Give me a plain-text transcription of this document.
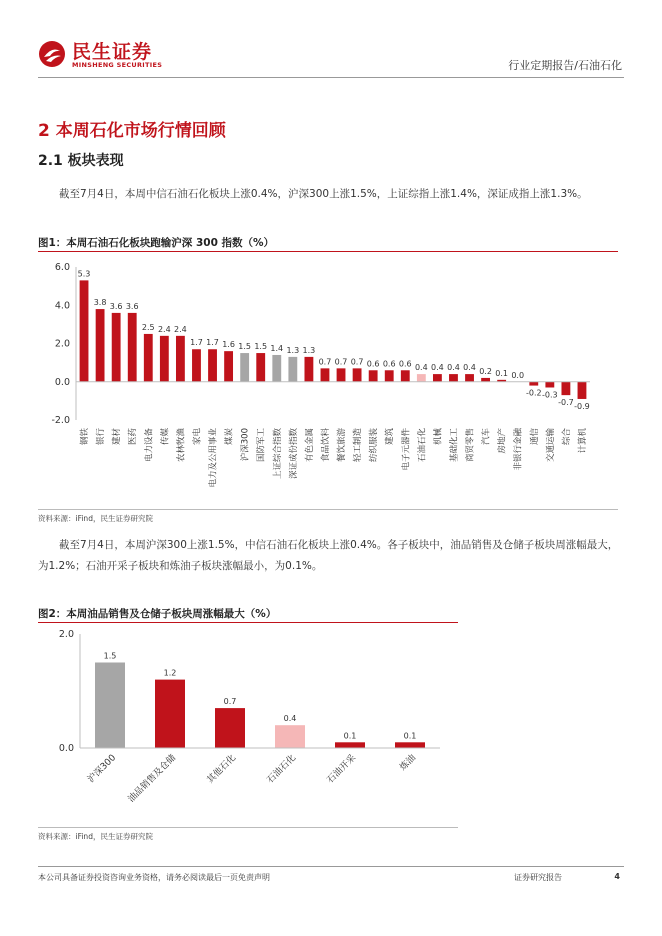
民生证券
MINSHENG SECURITIES	行业定期报告/石油石化
2 本周石化市场行情回顾
2.1 板块表现

截至7月4日，本周中信石油石化板块上涨0.4%，沪深300上涨1.5%，上证综指上涨1.4%，深证成指上涨1.3%。

图1：本周石油石化板块跑输沪深 300 指数（%）
6.0
4.0
2.0
0.0
-2.0
5.3
钢铁
3.8
银行
3.6
建材
3.6
医药
2.5
电力设备
2.4
传媒
2.4
农林牧渔
1.7
家电
1.7
电力及公用事业
1.6
煤炭
1.5
沪深300
1.5
国防军工
1.4
上证综合指数
1.3
深证成份指数
1.3
有色金属
0.7
食品饮料
0.7
餐饮旅游
0.7
轻工制造
0.6
纺织服装
0.6
建筑
0.6
电子元器件
0.4
石油石化
0.4
机械
0.4
基础化工
0.4
商贸零售
0.2
汽车
0.1
房地产
0.0
非银行金融
-0.2
通信
-0.3
交通运输
-0.7
综合
-0.9
计算机
资料来源：iFind，民生证券研究院

截至7月4日，本周沪深300上涨1.5%，中信石油石化板块上涨0.4%。各子板块中，油品销售及仓储子板块周涨幅最大，为1.2%；石油开采子板块和炼油子板块涨幅最小，为0.1%。

图2：本周油品销售及仓储子板块周涨幅最大（%）
2.0
0.0
1.5
沪深300
1.2
油品销售及仓储
0.7
其他石化
0.4
石油石化
0.1
石油开采
0.1
炼油
资料来源：iFind，民生证券研究院
本公司具备证券投资咨询业务资格，请务必阅读最后一页免责声明	证券研究报告	4
